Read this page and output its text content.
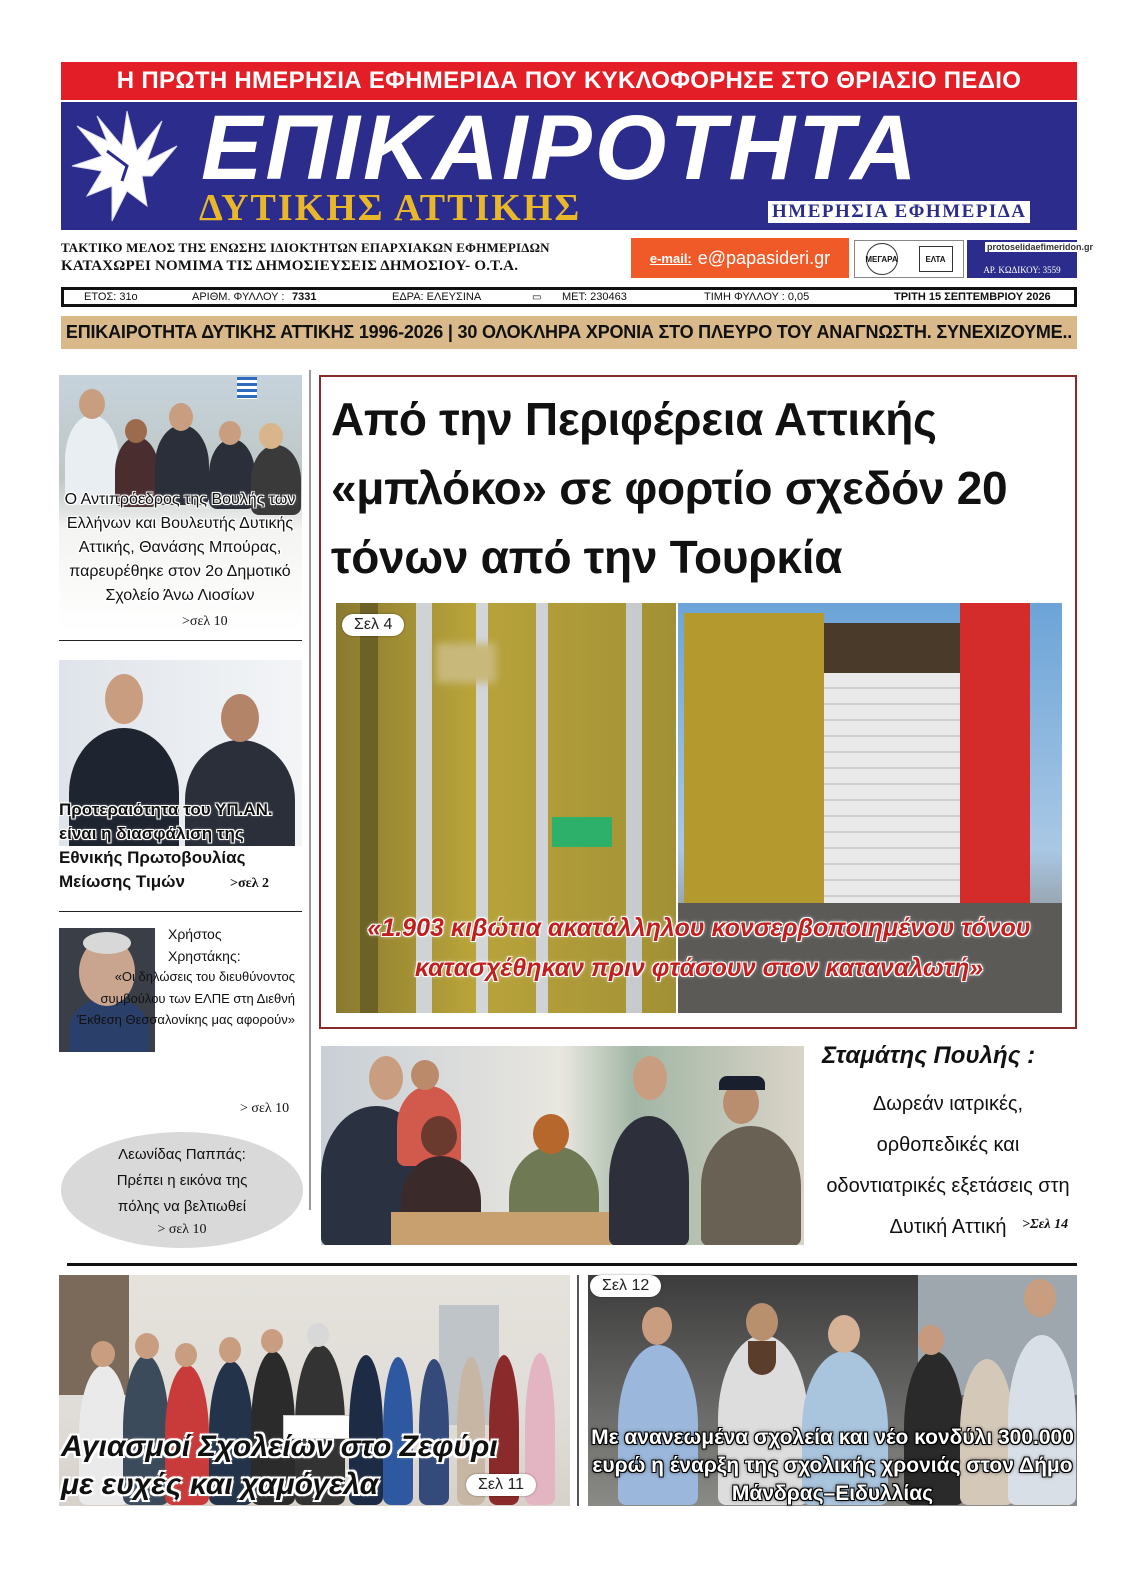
Η ΠΡΩΤΗ ΗΜΕΡΗΣΙΑ ΕΦΗΜΕΡΙΔΑ ΠΟΥ ΚΥΚΛΟΦΟΡΗΣΕ ΣΤΟ ΘΡΙΑΣΙΟ ΠΕΔΙΟ
ΕΠΙΚΑΙΡΟΤΗΤΑ
ΔΥΤΙΚΗΣ ΑΤΤΙΚΗΣ	ΗΜΕΡΗΣΙΑ ΕΦΗΜΕΡΙΔΑ
ΤΑΚΤΙΚΟ ΜΕΛΟΣ ΤΗΣ ΕΝΩΣΗΣ ΙΔΙΟΚΤΗΤΩΝ ΕΠΑΡΧΙΑΚΩΝ ΕΦΗΜΕΡΙΔΩΝ
ΚΑΤΑΧΩΡΕΙ ΝΟΜΙΜΑ ΤΙΣ ΔΗΜΟΣΙΕΥΣΕΙΣ ΔΗΜΟΣΙΟΥ- Ο.Τ.Α.	e-mail: e@papasideri.gr	ΜΕΓΑΡΑ	ΕΛΤΑ
ΑΡ. ΚΩΔΙΚΟΥ: 3559
protoselidaefimeridon.gr
ΕΤΟΣ: 31ο	ΑΡΙΘΜ. ΦΥΛΛΟΥ : 7331	ΕΔΡΑ: ΕΛΕΥΣΙΝΑ	▭	ΜΕΤ: 230463	ΤΙΜΗ ΦΥΛΛΟΥ : 0,05	ΤΡΙΤΗ 15 ΣΕΠΤΕΜΒΡΙΟΥ 2026
ΕΠΙΚΑΙΡΟΤΗΤΑ ΔΥΤΙΚΗΣ ΑΤΤΙΚΗΣ 1996-2026 | 30 ΟΛΟΚΛΗΡΑ ΧΡΟΝΙΑ ΣΤΟ ΠΛΕΥΡΟ ΤΟΥ ΑΝΑΓΝΩΣΤΗ. ΣΥΝΕΧΙΖΟΥΜΕ..
Ο Αντιπρόεδρος της Βουλής των Ελλήνων και Βουλευτής Δυτικής Αττικής, Θανάσης Μπούρας, παρευρέθηκε στον 2ο Δημοτικό Σχολείο Άνω Λιοσίων
>σελ 10
Προτεραιότητα του ΥΠ.ΑΝ. είναι η διασφάλιση της Εθνικής Πρωτοβουλίας Μείωσης Τιμών	>σελ 2
Χρήστος Χρηστάκης:
«Οι δηλώσεις του διευθύνοντος συμβούλου των ΕΛΠΕ στη Διεθνή Έκθεση Θεσσαλονίκης μας αφορούν»
> σελ 10
Λεωνίδας Παππάς:
Πρέπει η εικόνα της πόλης να βελτιωθεί
> σελ 10
Από την Περιφέρεια Αττικής «μπλόκο» σε φορτίο σχεδόν 20 τόνων από την Τουρκία
Σελ 4
«1.903 κιβώτια ακατάλληλου κονσερβοποιημένου τόνου κατασχέθηκαν πριν φτάσουν στον καταναλωτή»
Σταμάτης Πουλής :
Δωρεάν ιατρικές, ορθοπεδικές και οδοντιατρικές εξετάσεις στη Δυτική Αττική	>Σελ 14
Αγιασμοί Σχολείων στο Ζεφύρι
με ευχές και χαμόγελα	Σελ 11
Σελ 12
Με ανανεωμένα σχολεία και νέο κονδύλι 300.000 ευρώ η έναρξη της σχολικής χρονιάς στον Δήμο Μάνδρας–Ειδυλλίας
